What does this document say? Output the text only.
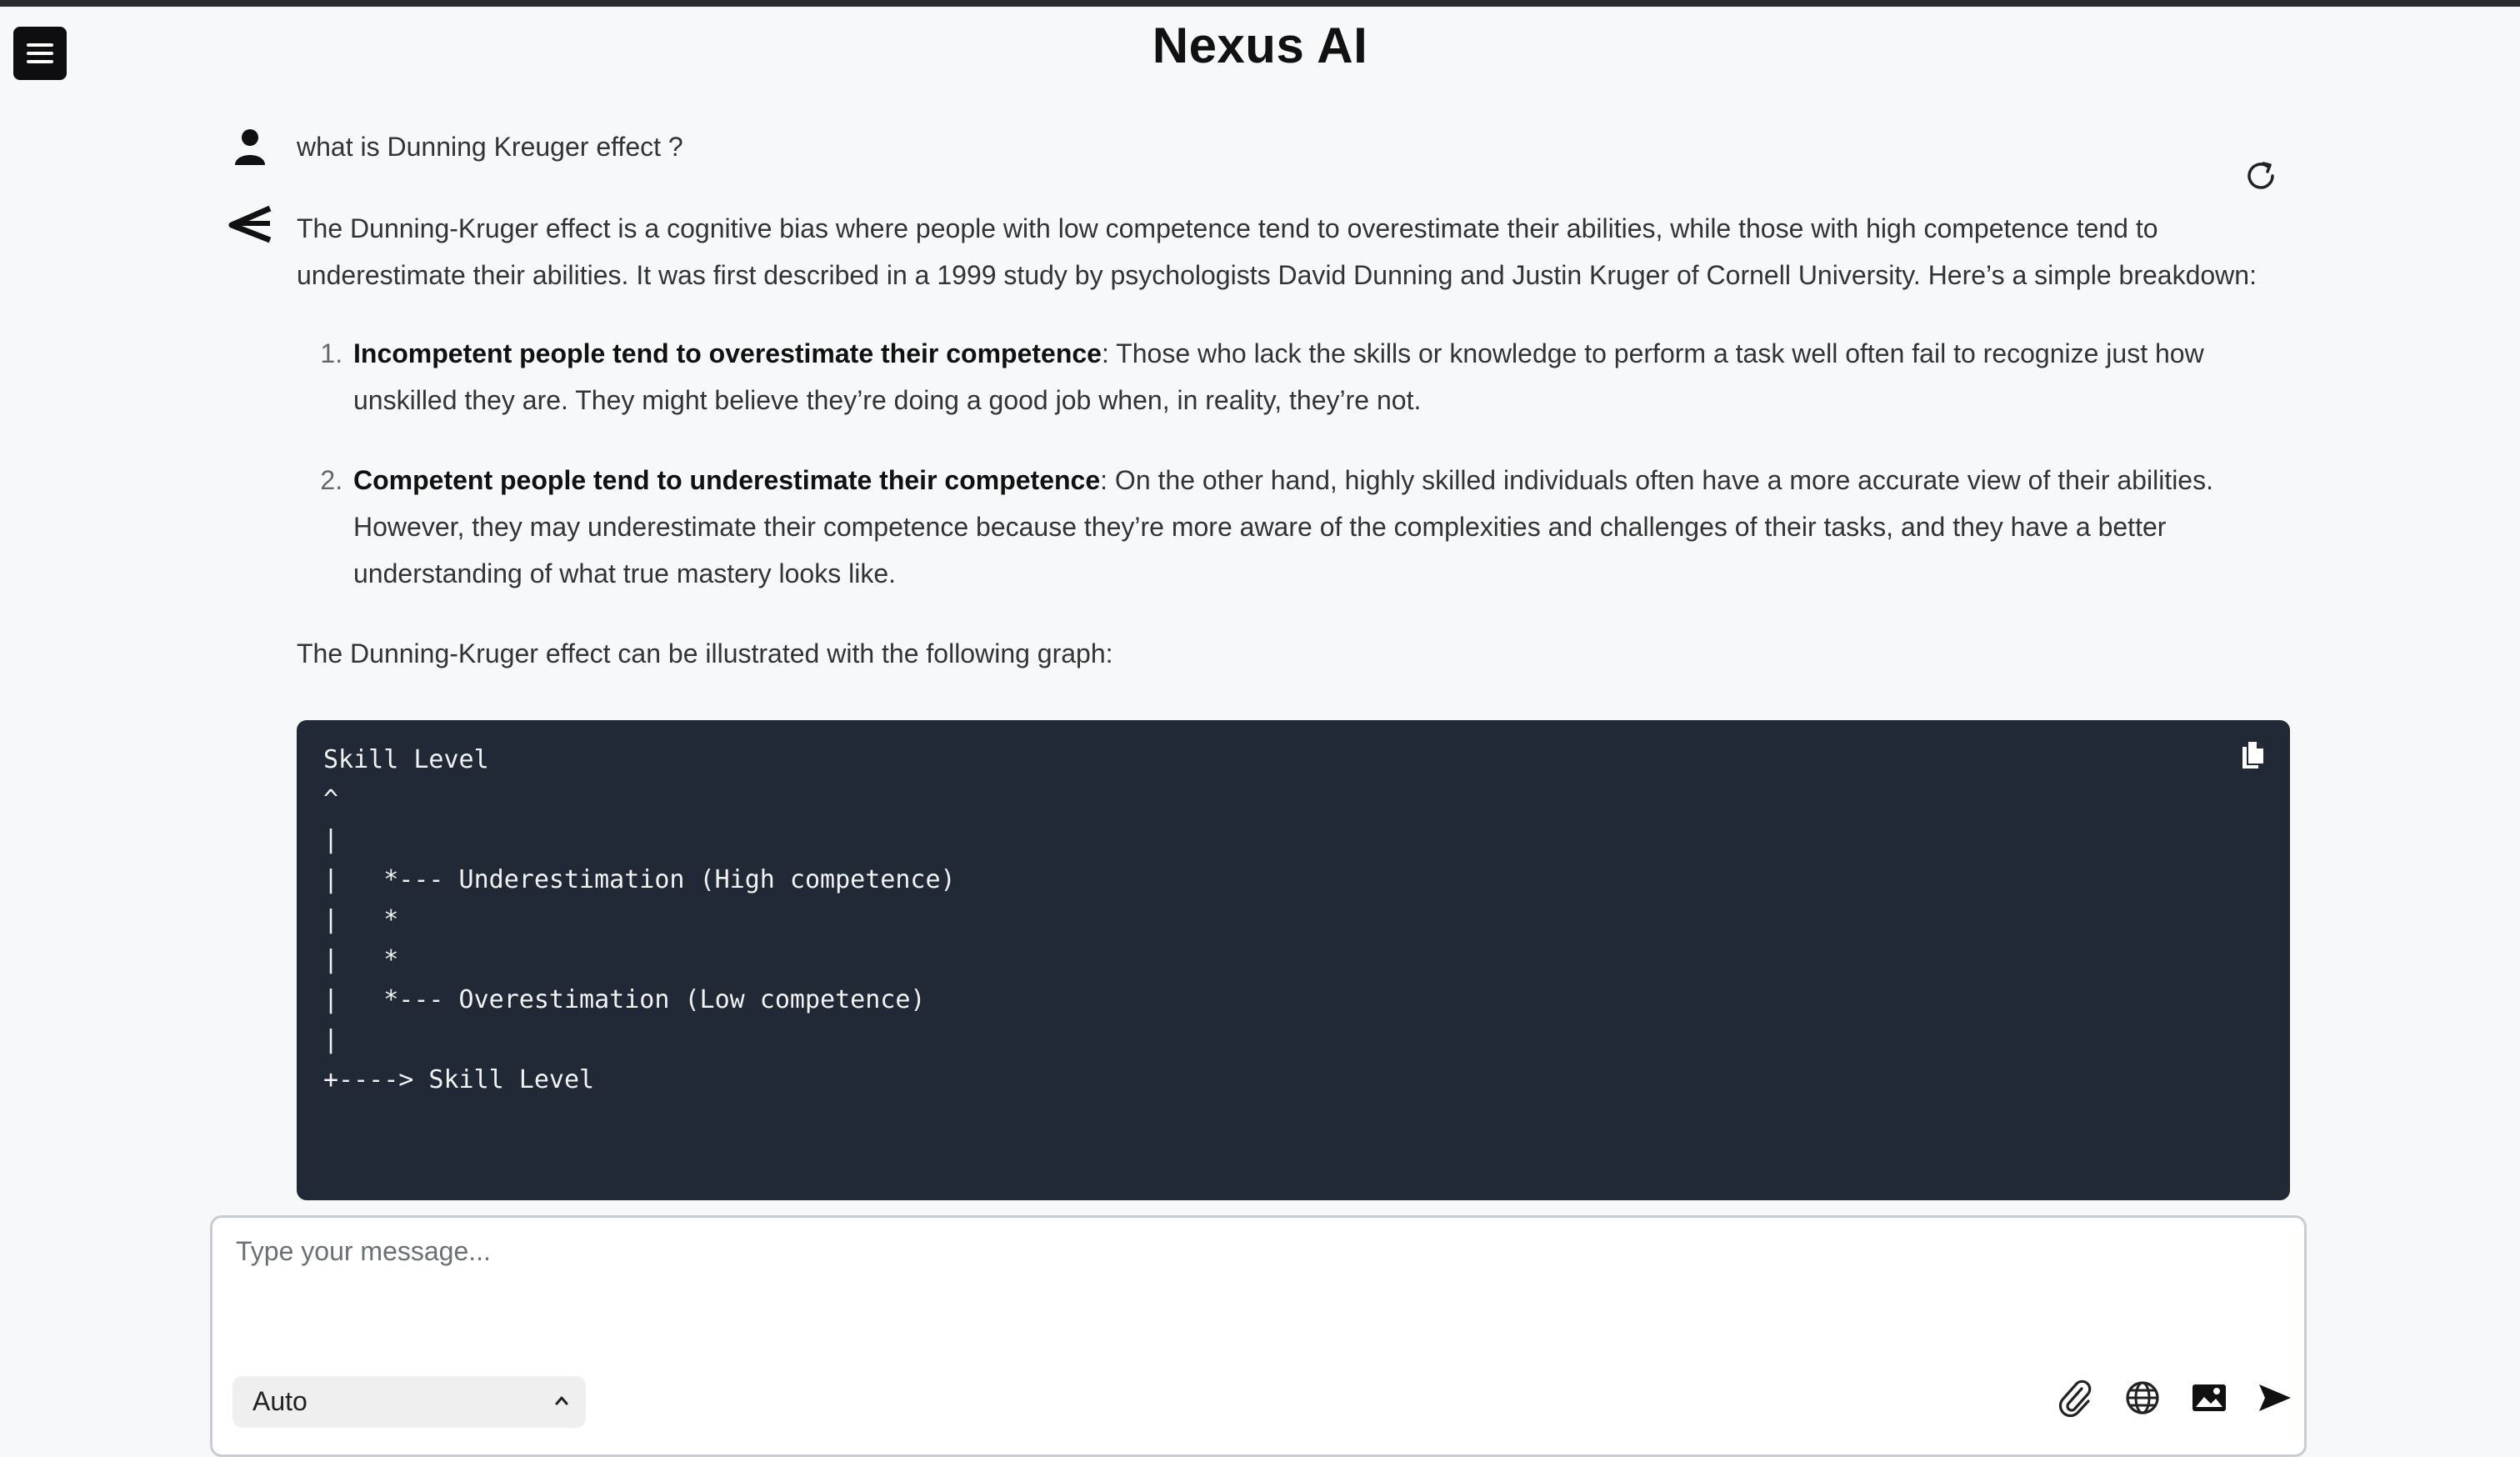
Nexus AI
what is Dunning Kreuger effect ?

The Dunning-Kruger effect is a cognitive bias where people with low competence tend to overestimate their abilities, while those with high competence tend to underestimate their abilities. It was first described in a 1999 study by psychologists David Dunning and Justin Kruger of Cornell University. Here’s a simple breakdown:

1. Incompetent people tend to overestimate their competence: Those who lack the skills or knowledge to perform a task well often fail to recognize just how unskilled they are. They might believe they’re doing a good job when, in reality, they’re not.
2. Competent people tend to underestimate their competence: On the other hand, highly skilled individuals often have a more accurate view of their abilities. However, they may underestimate their competence because they’re more aware of the complexities and challenges of their tasks, and they have a better understanding of what true mastery looks like.

The Dunning-Kruger effect can be illustrated with the following graph:

Skill Level
^
|
|   *--- Underestimation (High competence)
|   *
|   *
|   *--- Overestimation (Low competence)
|
+----> Skill Level
Type your message...
Auto
